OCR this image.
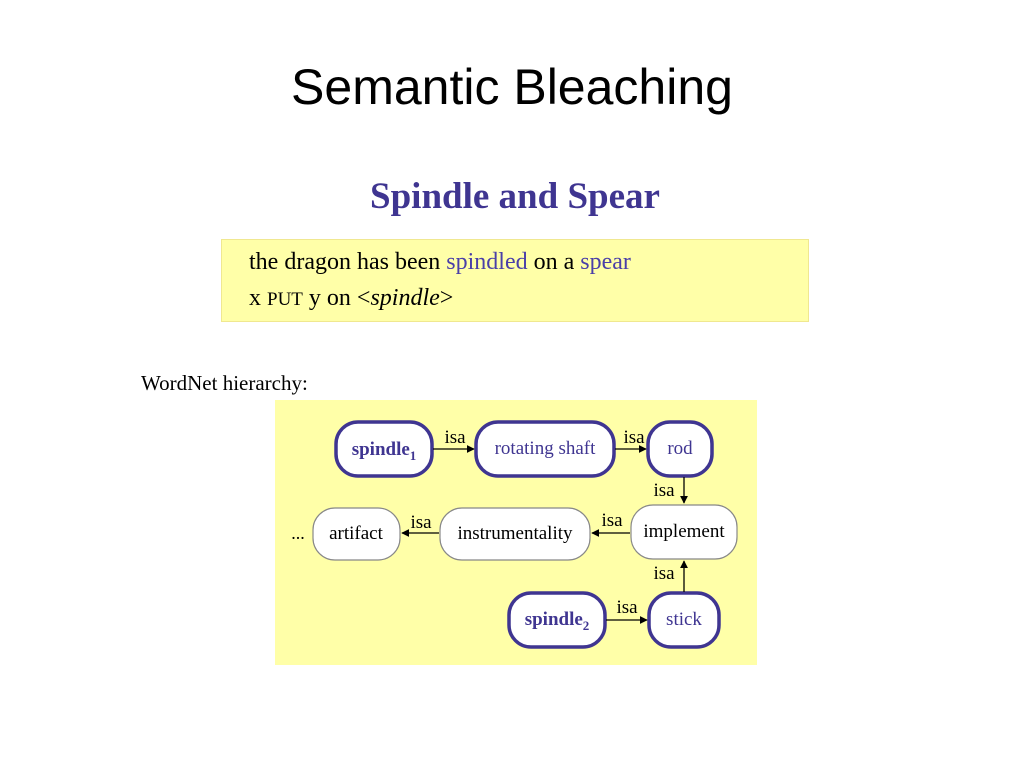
Semantic Bleaching
Spindle and Spear
the dragon has been spindled on a spear
x PUT y on <spindle>
WordNet hierarchy:
spindle$_1$	rotating shaft	rod
artifact
...	instrumentality	implement
spindle$_2$	stick
isa	isa
isa
isa
isa
isa
isa
